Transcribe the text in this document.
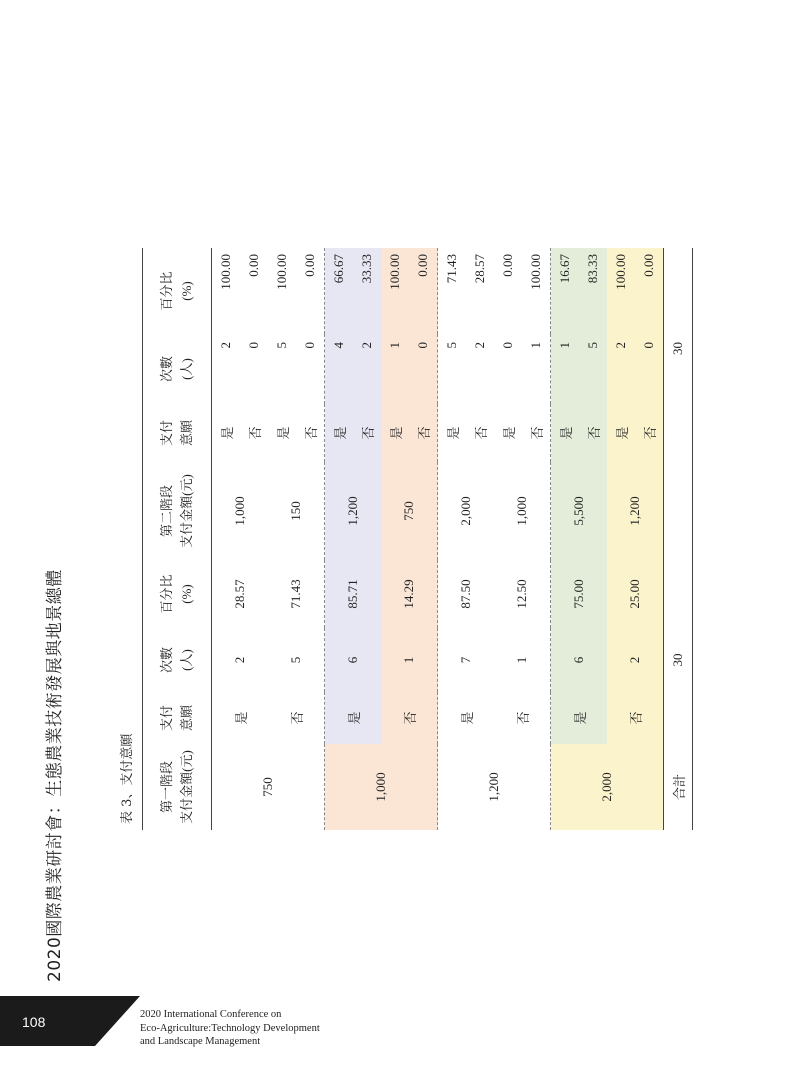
2020國際農業研討會：生態農業技術發展與地景總體	表 3、支付意願	第一階段 支付金額(元)	支付 意願	次數 (人)	百分比 (%)	第二階段 支付金額(元)	支付 意願	次數 (人)	百分比 (%)

750	是	2	28.57	1,000	是	2	100.00
					否	0	0.00
	否	5	71.43	150	是	5	100.00
					否	0	0.00
1,000	是	6	85.71	1,200	是	4	66.67
					否	2	33.33
	否	1	14.29	750	是	1	100.00
					否	0	0.00
1,200	是	7	87.50	2,000	是	5	71.43
					否	2	28.57
	否	1	12.50	1,000	是	0	0.00
					否	1	100.00
2,000	是	6	75.00	5,500	是	1	16.67
					否	5	83.33
	否	2	25.00	1,200	是	2	100.00
					否	0	0.00
合計		30				30	
108	2020 International Conference on
Eco-Agriculture:Technology Development
and Landscape Management
